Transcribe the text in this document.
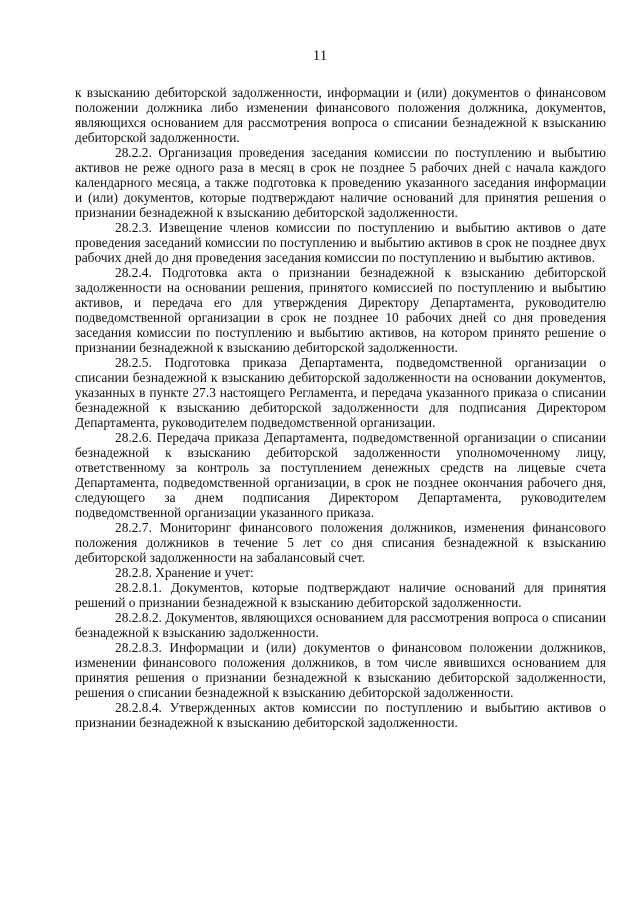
11

к взысканию дебиторской задолженности, информации и (или) документов о финансовом положении должника либо изменении финансового положения должника, документов, являющихся основанием для рассмотрения вопроса о списании безнадежной к взысканию дебиторской задолженности.

28.2.2. Организация проведения заседания комиссии по поступлению и выбытию активов не реже одного раза в месяц в срок не позднее 5 рабочих дней с начала каждого календарного месяца, а также подготовка к проведению указанного заседания информации и (или) документов, которые подтверждают наличие оснований для принятия решения о признании безнадежной к взысканию дебиторской задолженности.

28.2.3. Извещение членов комиссии по поступлению и выбытию активов о дате проведения заседаний комиссии по поступлению и выбытию активов в срок не позднее двух рабочих дней до дня проведения заседания комиссии по поступлению и выбытию активов.

28.2.4. Подготовка акта о признании безнадежной к взысканию дебиторской задолженности на основании решения, принятого комиссией по поступлению и выбытию активов, и передача его для утверждения Директору Департамента, руководителю подведомственной организации в срок не позднее 10 рабочих дней со дня проведения заседания комиссии по поступлению и выбытию активов, на котором принято решение о признании безнадежной к взысканию дебиторской задолженности.

28.2.5. Подготовка приказа Департамента, подведомственной организации о списании безнадежной к взысканию дебиторской задолженности на основании документов, указанных в пункте 27.3 настоящего Регламента, и передача указанного приказа о списании безнадежной к взысканию дебиторской задолженности для подписания Директором Департамента, руководителем подведомственной организации.

28.2.6. Передача приказа Департамента, подведомственной организации о списании безнадежной к взысканию дебиторской задолженности уполномоченному лицу, ответственному за контроль за поступлением денежных средств на лицевые счета Департамента, подведомственной организации, в срок не позднее окончания рабочего дня, следующего за днем подписания Директором Департамента, руководителем подведомственной организации указанного приказа.

28.2.7. Мониторинг финансового положения должников, изменения финансового положения должников в течение 5 лет со дня списания безнадежной к взысканию дебиторской задолженности на забалансовый счет.

28.2.8. Хранение и учет:

28.2.8.1. Документов, которые подтверждают наличие оснований для принятия решений о признании безнадежной к взысканию дебиторской задолженности.

28.2.8.2. Документов, являющихся основанием для рассмотрения вопроса о списании безнадежной к взысканию задолженности.

28.2.8.3. Информации и (или) документов о финансовом положении должников, изменении финансового положения должников, в том числе явившихся основанием для принятия решения о признании безнадежной к взысканию дебиторской задолженности, решения о списании безнадежной к взысканию дебиторской задолженности.

28.2.8.4. Утвержденных актов комиссии по поступлению и выбытию активов о признании безнадежной к взысканию дебиторской задолженности.
